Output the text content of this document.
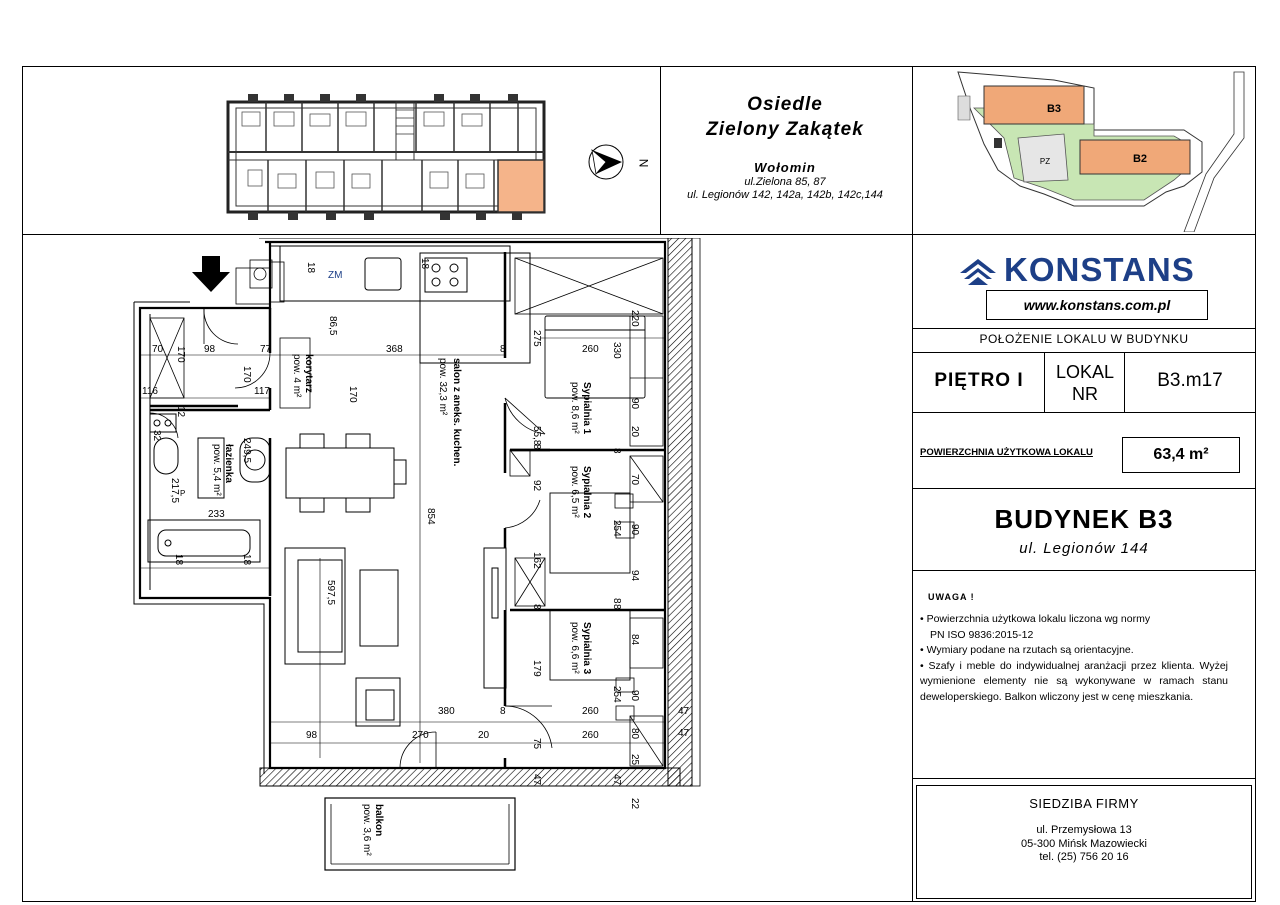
N
Osiedle
Zielony Zakątek
Wołomin
ul.Zielona 85, 87
ul. Legionów 142, 142a, 142b, 142c,144
PZ
B3
B2
KONSTANS
www.konstans.com.pl
POŁOŻENIE LOKALU W BUDYNKU
PIĘTRO I	LOKAL
NR
B3.m17
POWIERZCHNIA UŻYTKOWA LOKALU	63,4 m²
BUDYNEK B3
ul. Legionów 144
UWAGA !

• Powierzchnia użytkowa lokalu liczona wg normy

PN ISO 9836:2015-12

• Wymiary podane na rzutach są orientacyjne.

• Szafy i meble do indywidualnej aranżacji przez klienta. Wyżej wymienione elementy nie są wykonywane w ramach stanu deweloperskiego. Balkon wliczony jest w cenę mieszkania.

SIEDZIBA FIRMY
ul. Przemysłowa 13
05-300 Mińsk Mazowiecki
tel. (25) 756 20 16
70	98	77	368	8	260
116	117
233
380	8	260
98	270	20	260
47
47
ZM
170
170
170
86,5
249,5
217,5
854
597,5
275
330
220
55,8
92
162
179
254
254
90
20
70
90
94
84
90
80
25
75
47	47
22
12
32
18
18
18	18
8
8
8	8
8
korytarz
pow. 4 m²	salon z aneks. kuchen.
pow. 32,3 m²	Sypialnia 1
pow. 8,6 m²
Sypialnia 2
pow. 6,5 m²
Sypialnia 3
pow. 6,6 m²
łazienka
pow. 5,4 m²
balkon
pow. 3,6 m²
P
